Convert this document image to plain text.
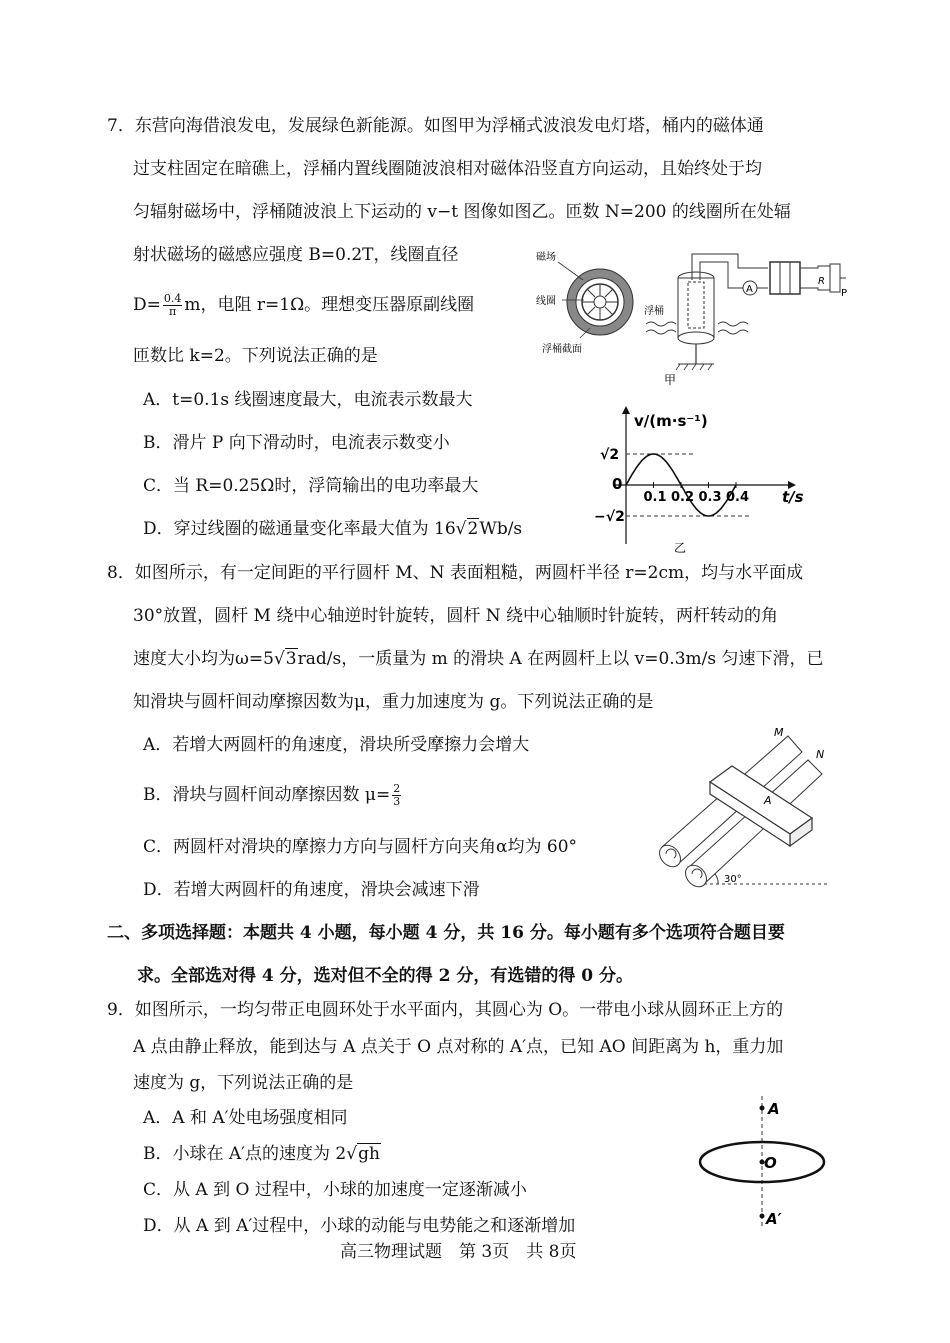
7．东营向海借浪发电，发展绿色新能源。如图甲为浮桶式波浪发电灯塔，桶内的磁体通
过支柱固定在暗礁上，浮桶内置线圈随波浪相对磁体沿竖直方向运动，且始终处于均
匀辐射磁场中，浮桶随波浪上下运动的 v−t 图像如图乙。匝数 N=200 的线圈所在处辐
射状磁场的磁感应强度 B=0.2T，线圈直径
$D= \frac{0.4}{\pi}$ m，电阻 r=1Ω。理想变压器原副线圈
匝数比 k=2。下列说法正确的是
A．t=0.1s 线圈速度最大，电流表示数最大
B．滑片 P 向下滑动时，电流表示数变小
C．当 R=0.25Ω时，浮筒输出的电功率最大
D．穿过线圈的磁通量变化率最大值为 16√2Wb/s
磁场
线圈
浮桶截面
浮桶
A
R
P
甲
v/(m·s⁻¹)
t/s
0
√2
−√2
0.1 0.2 0.3 0.4
乙
8．如图所示，有一定间距的平行圆杆 M、N 表面粗糙，两圆杆半径 r=2cm，均与水平面成
30°放置，圆杆 M 绕中心轴逆时针旋转，圆杆 N 绕中心轴顺时针旋转，两杆转动的角
速度大小均为ω=5√3rad/s，一质量为 m 的滑块 A 在两圆杆上以 v=0.3m/s 匀速下滑，已
知滑块与圆杆间动摩擦因数为μ，重力加速度为 g。下列说法正确的是
A．若增大两圆杆的角速度，滑块所受摩擦力会增大
B．滑块与圆杆间动摩擦因数 $\mu= \frac{2}{3}$
C．两圆杆对滑块的摩擦力方向与圆杆方向夹角α均为 60°
D．若增大两圆杆的角速度，滑块会减速下滑
M
N
A
30°
二、多项选择题：本题共 4 小题，每小题 4 分，共 16 分。每小题有多个选项符合题目要
求。全部选对得 4 分，选对但不全的得 2 分，有选错的得 0 分。
9．如图所示，一均匀带正电圆环处于水平面内，其圆心为 O。一带电小球从圆环正上方的
A 点由静止释放，能到达与 A 点关于 O 点对称的 A′点，已知 AO 间距离为 h，重力加
速度为 g，下列说法正确的是
A．A 和 A′处电场强度相同
B．小球在 A′点的速度为 2√gh
C．从 A 到 O 过程中，小球的加速度一定逐渐减小
D．从 A 到 A′过程中，小球的动能与电势能之和逐渐增加
A
O
A′
高三物理试题　第 3页　共 8页
